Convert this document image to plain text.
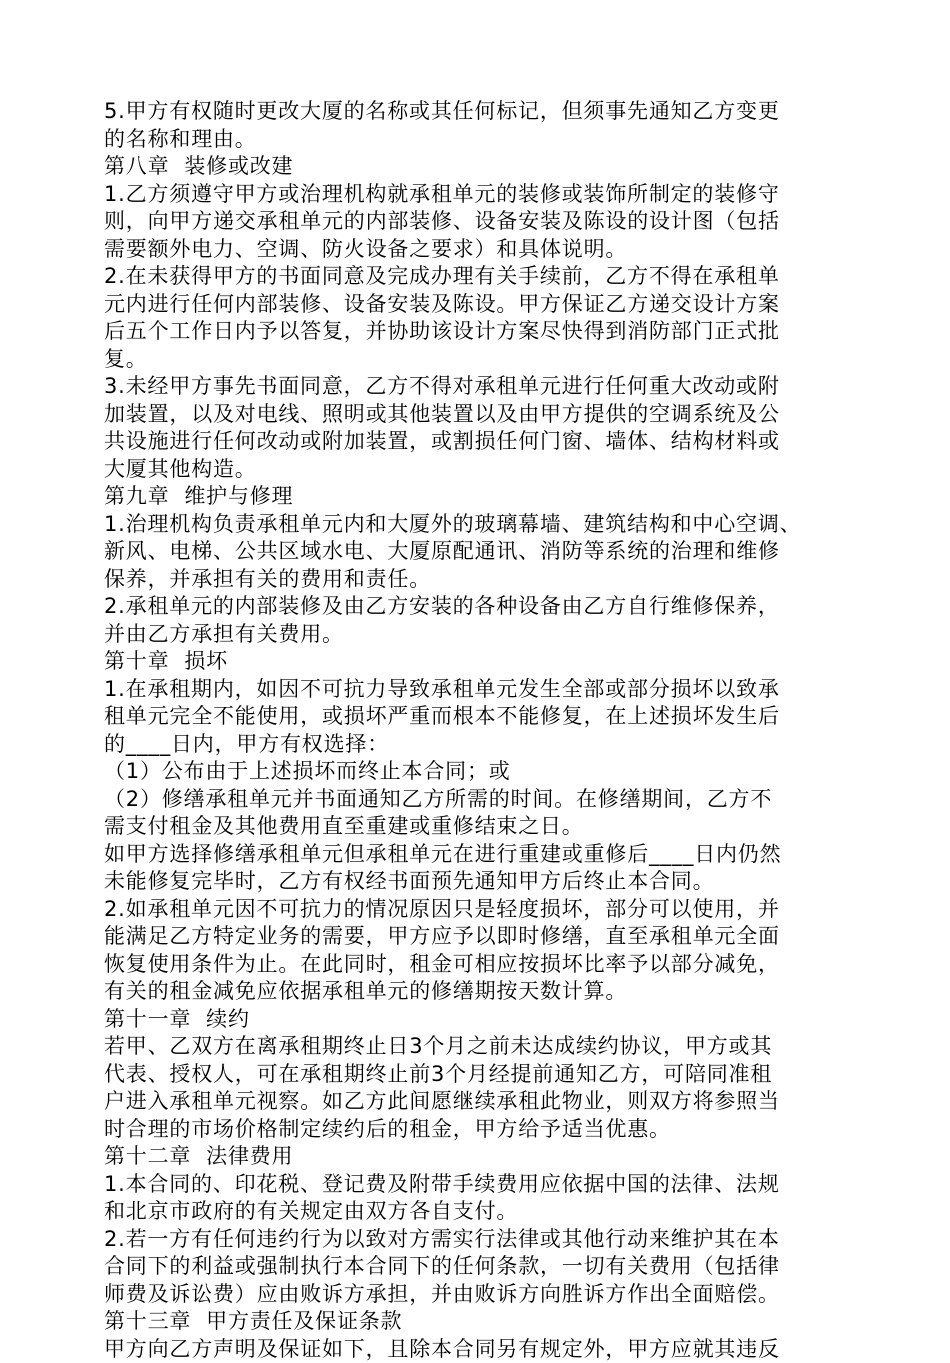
5.甲方有权随时更改大厦的名称或其任何标记，但须事先通知乙方变更
的名称和理由。
第八章  装修或改建
1.乙方须遵守甲方或治理机构就承租单元的装修或装饰所制定的装修守
则，向甲方递交承租单元的内部装修、设备安装及陈设的设计图（包括
需要额外电力、空调、防火设备之要求）和具体说明。
2.在未获得甲方的书面同意及完成办理有关手续前，乙方不得在承租单
元内进行任何内部装修、设备安装及陈设。甲方保证乙方递交设计方案
后五个工作日内予以答复，并协助该设计方案尽快得到消防部门正式批
复。
3.未经甲方事先书面同意，乙方不得对承租单元进行任何重大改动或附
加装置，以及对电线、照明或其他装置以及由甲方提供的空调系统及公
共设施进行任何改动或附加装置，或割损任何门窗、墙体、结构材料或
大厦其他构造。
第九章  维护与修理
1.治理机构负责承租单元内和大厦外的玻璃幕墙、建筑结构和中心空调、
新风、电梯、公共区域水电、大厦原配通讯、消防等系统的治理和维修
保养，并承担有关的费用和责任。
2.承租单元的内部装修及由乙方安装的各种设备由乙方自行维修保养，
并由乙方承担有关费用。
第十章  损坏
1.在承租期内，如因不可抗力导致承租单元发生全部或部分损坏以致承
租单元完全不能使用，或损坏严重而根本不能修复，在上述损坏发生后
的____日内，甲方有权选择：
（1）公布由于上述损坏而终止本合同；或
（2）修缮承租单元并书面通知乙方所需的时间。在修缮期间，乙方不
需支付租金及其他费用直至重建或重修结束之日。
如甲方选择修缮承租单元但承租单元在进行重建或重修后____日内仍然
未能修复完毕时，乙方有权经书面预先通知甲方后终止本合同。
2.如承租单元因不可抗力的情况原因只是轻度损坏，部分可以使用，并
能满足乙方特定业务的需要，甲方应予以即时修缮，直至承租单元全面
恢复使用条件为止。在此同时，租金可相应按损坏比率予以部分减免，
有关的租金减免应依据承租单元的修缮期按天数计算。
第十一章  续约
若甲、乙双方在离承租期终止日3个月之前未达成续约协议，甲方或其
代表、授权人，可在承租期终止前3个月经提前通知乙方，可陪同准租
户进入承租单元视察。如乙方此间愿继续承租此物业，则双方将参照当
时合理的市场价格制定续约后的租金，甲方给予适当优惠。
第十二章  法律费用
1.本合同的、印花税、登记费及附带手续费用应依据中国的法律、法规
和北京市政府的有关规定由双方各自支付。
2.若一方有任何违约行为以致对方需实行法律或其他行动来维护其在本
合同下的利益或强制执行本合同下的任何条款，一切有关费用（包括律
师费及诉讼费）应由败诉方承担，并由败诉方向胜诉方作出全面赔偿。
第十三章  甲方责任及保证条款
甲方向乙方声明及保证如下，且除本合同另有规定外，甲方应就其违反
